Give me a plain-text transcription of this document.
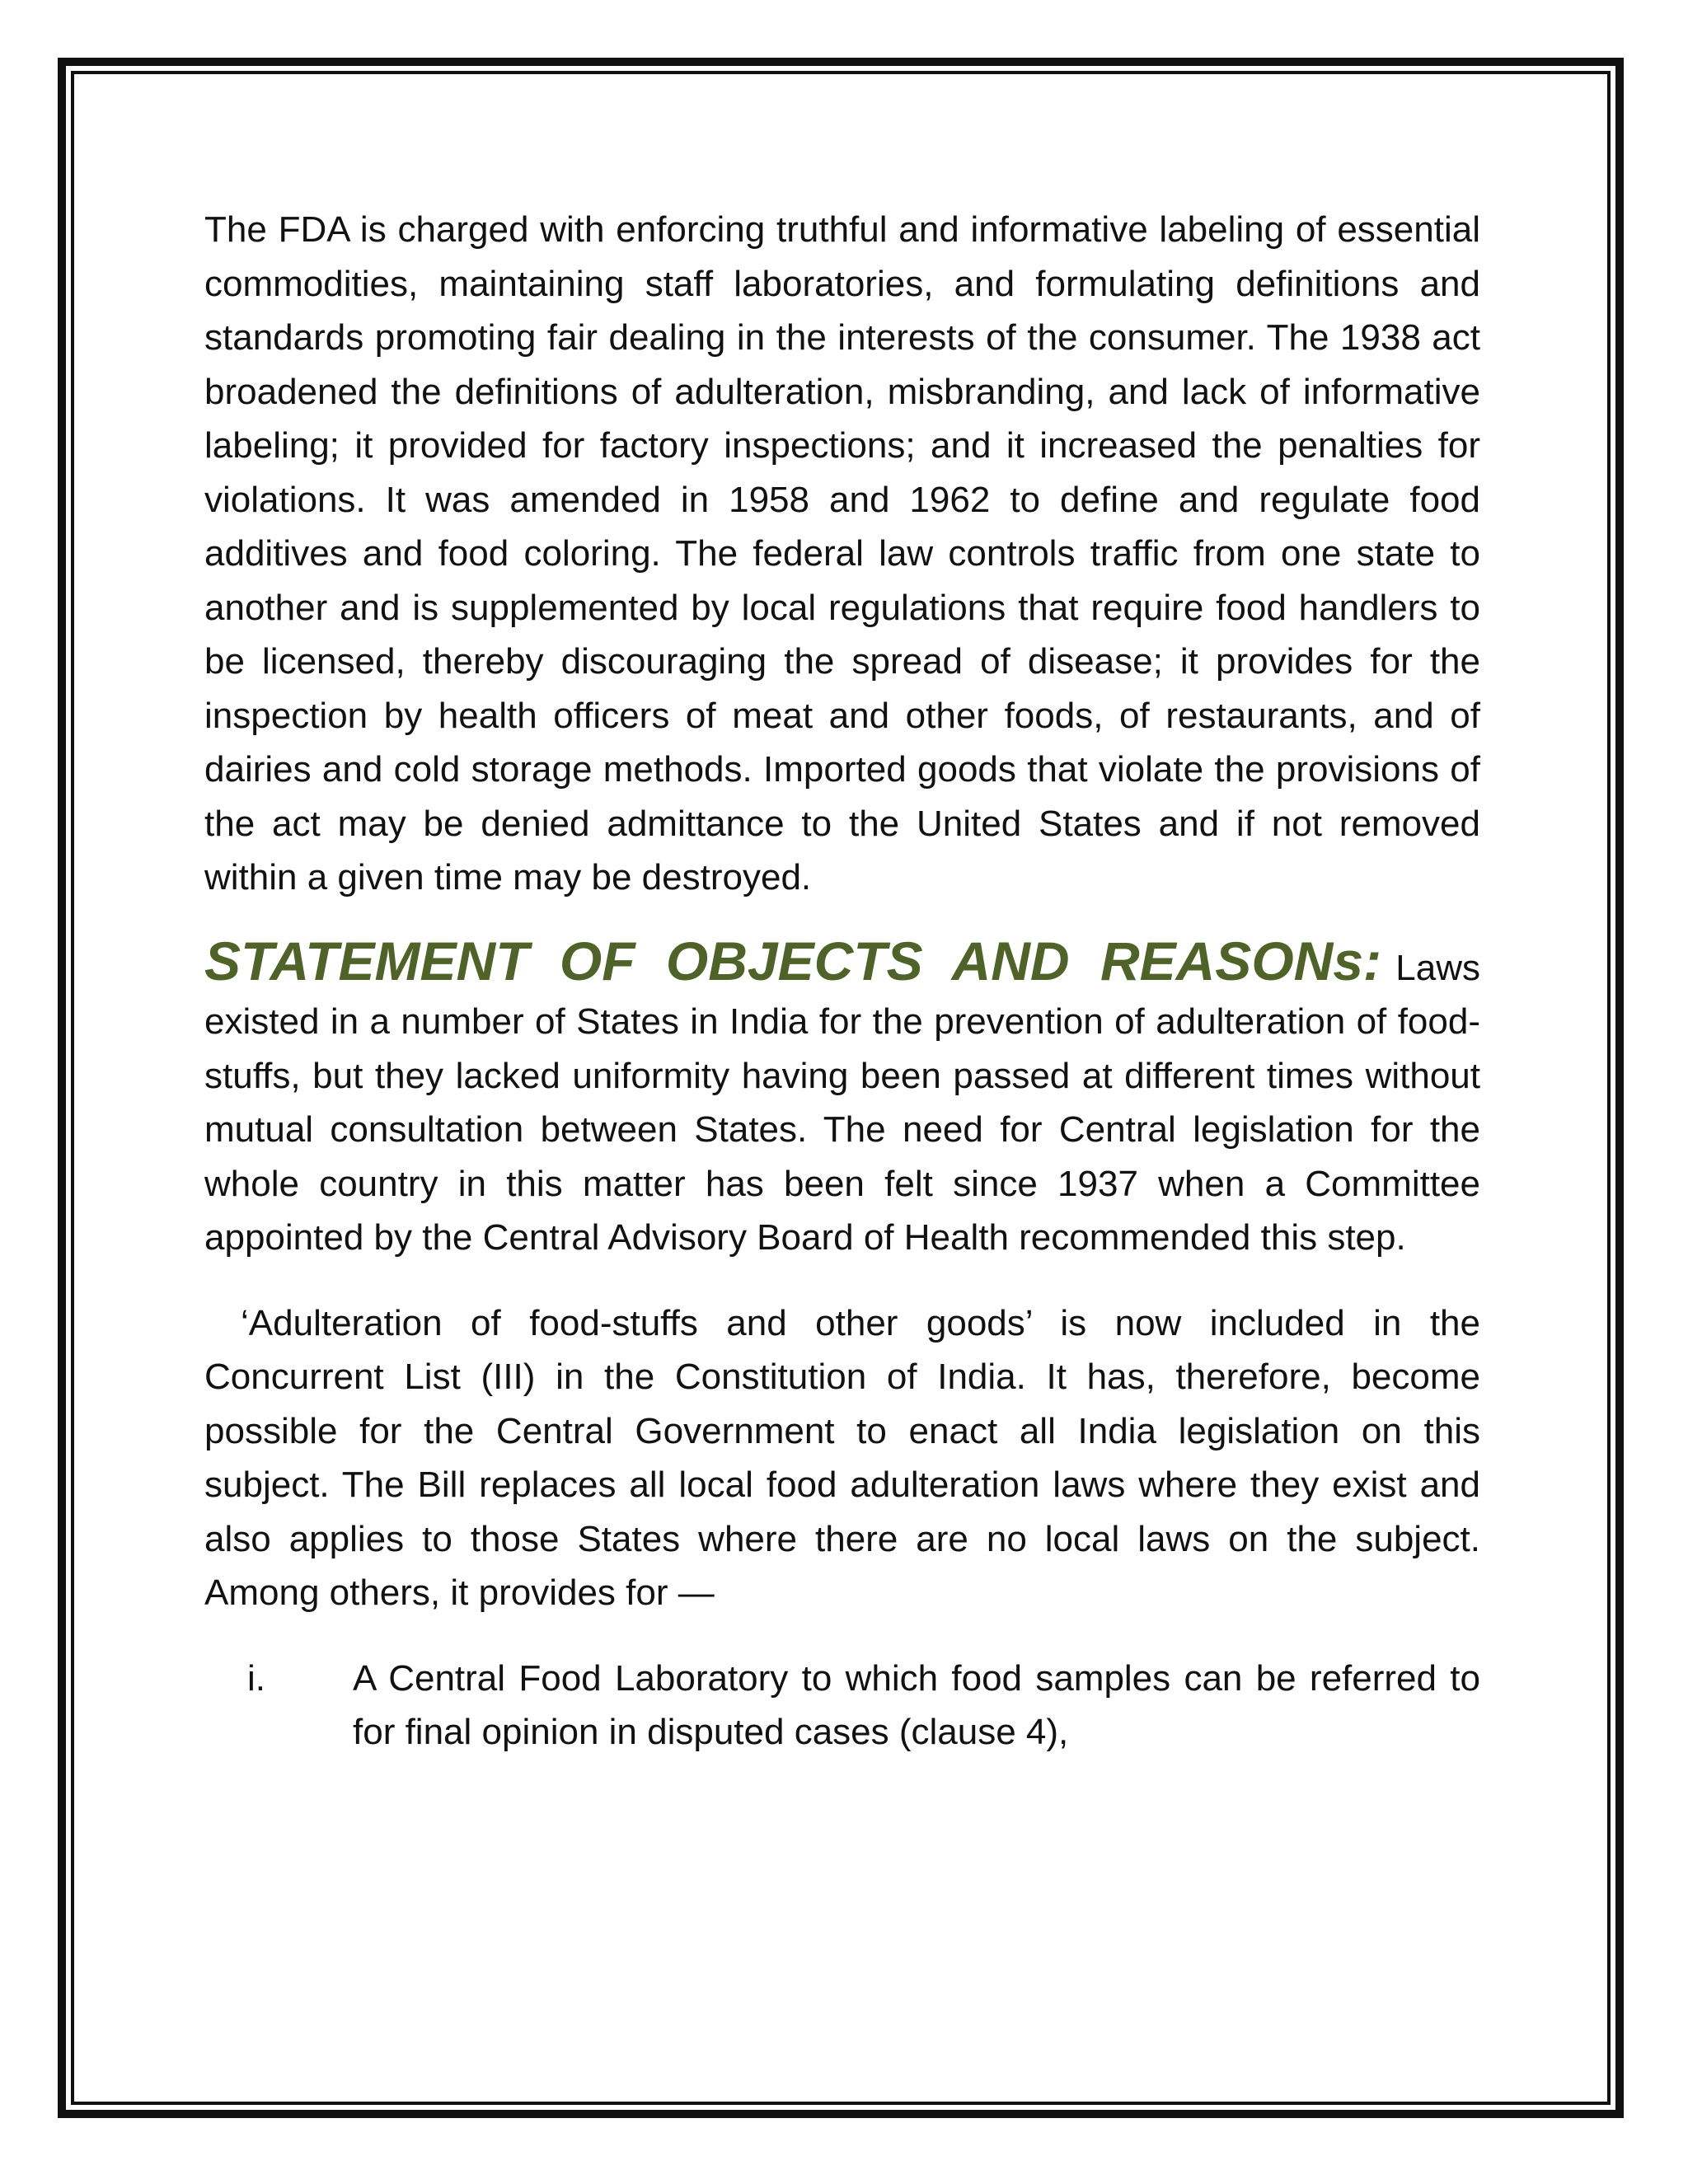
The FDA is charged with enforcing truthful and informative labeling of essential commodities, maintaining staff laboratories, and formulating definitions and standards promoting fair dealing in the interests of the consumer. The 1938 act broadened the definitions of adulteration, misbranding, and lack of informative labeling; it provided for factory inspections; and it increased the penalties for violations. It was amended in 1958 and 1962 to define and regulate food additives and food coloring. The federal law controls traffic from one state to another and is supplemented by local regulations that require food handlers to be licensed, thereby discouraging the spread of disease; it provides for the inspection by health officers of meat and other foods, of restaurants, and of dairies and cold storage methods. Imported goods that violate the provisions of the act may be denied admittance to the United States and if not removed within a given time may be destroyed.

STATEMENT OF OBJECTS AND REASONs: Laws existed in a number of States in India for the prevention of adulteration of food- stuffs, but they lacked uniformity having been passed at different times without mutual consultation between States. The need for Central legislation for the whole country in this matter has been felt since 1937 when a Committee appointed by the Central Advisory Board of Health recommended this step.

‘Adulteration of food-stuffs and other goods’ is now included in the Concurrent List (III) in the Constitution of India. It has, therefore, become possible for the Central Government to enact all India legislation on this subject. The Bill replaces all local food adulteration laws where they exist and also applies to those States where there are no local laws on the subject. Among others, it provides for —

i.	A Central Food Laboratory to which food samples can be referred to for final opinion in disputed cases (clause 4),
